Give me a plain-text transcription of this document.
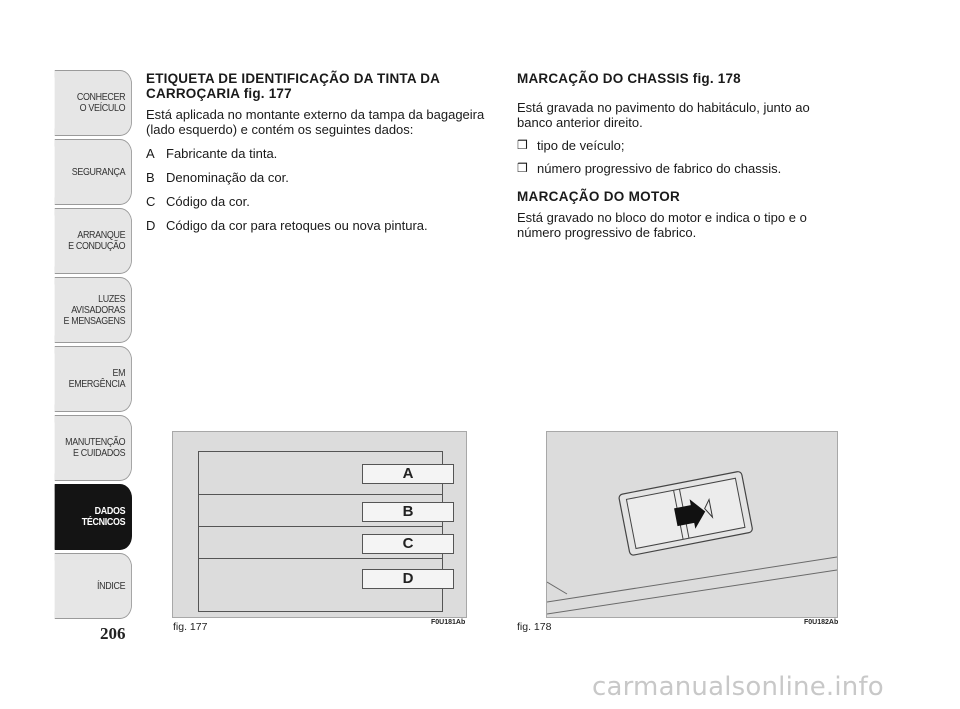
CONHECER
O VEÍCULO
SEGURANÇA
ARRANQUE
E CONDUÇÃO
LUZES
AVISADORAS
E MENSAGENS
EM EMERGÊNCIA
MANUTENÇÃO
E CUIDADOS
DADOS
TÉCNICOS
ÍNDICE
206

ETIQUETA DE IDENTIFICAÇÃO DA TINTA DA CARROÇARIA fig. 177

Está aplicada no montante externo da tampa da bagageira (lado esquerdo) e contém os seguintes dados:

A Fabricante da tinta.
B Denominação da cor.
C Código da cor.
D Código da cor para retoques ou nova pintura.

MARCAÇÃO DO CHASSIS fig. 178

Está gravada no pavimento do habitáculo, junto ao banco anterior direito.

❒ tipo de veículo;
❒ número progressivo de fabrico do chassis.

MARCAÇÃO DO MOTOR

Está gravado no bloco do motor e indica o tipo e o número progressivo de fabrico.

A
B
C
D
fig. 177	F0U181Ab	fig. 178	F0U182Ab
carmanualsonline.info
